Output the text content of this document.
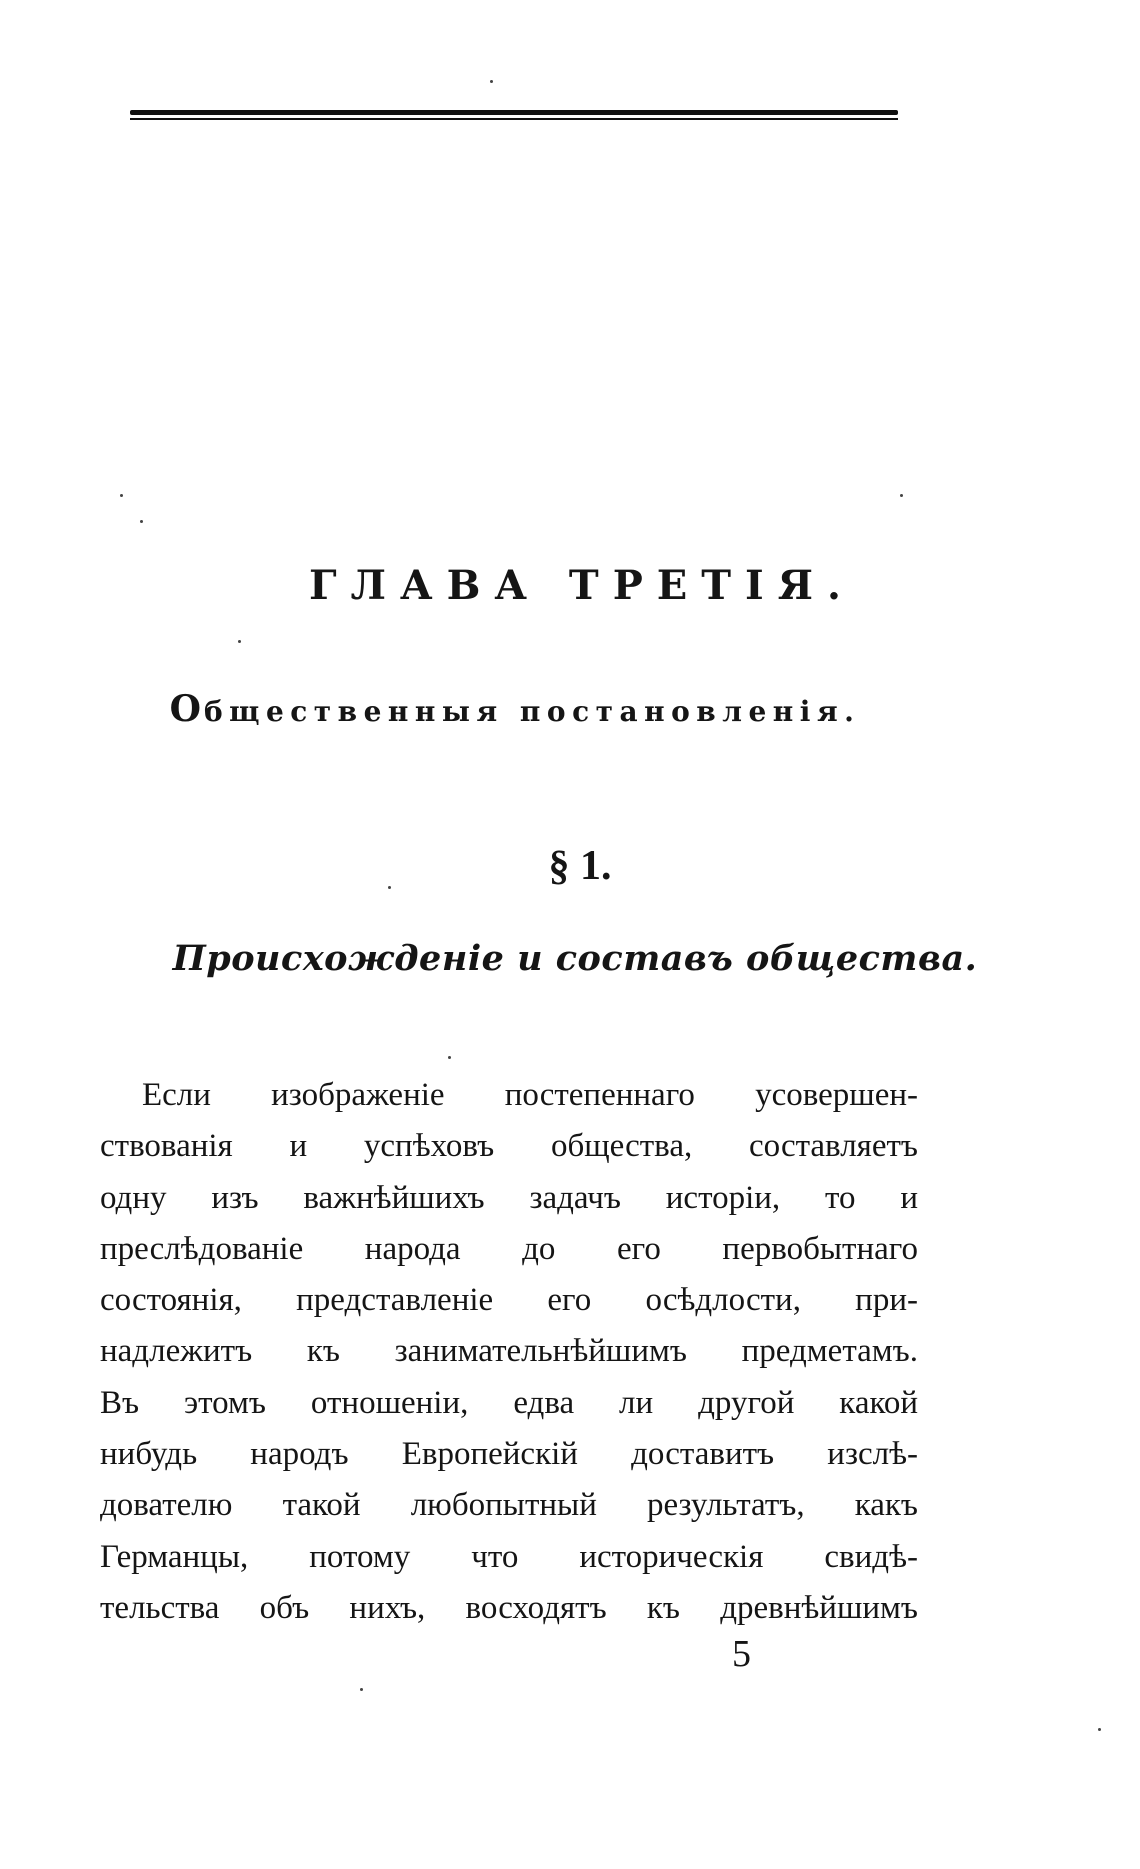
ГЛАВА ТРЕТІЯ.
Общественныя постановленія.
§ 1.
Происхожденіе и составъ общества.
Если изображеніе постепеннаго усовершен-
ствованія и успѣховъ общества, составляетъ
одну изъ важнѣйшихъ задачъ исторіи, то и
преслѣдованіе народа до его первобытнаго
состоянія, представленіе его осѣдлости, при-
надлежитъ къ занимательнѣйшимъ предметамъ.
Въ этомъ отношеніи, едва ли другой какой
нибудь народъ Европейскій доставитъ изслѣ-
дователю такой любопытный результатъ, какъ
Германцы, потому что историческія свидѣ-
тельства объ нихъ, восходятъ къ древнѣйшимъ
5
